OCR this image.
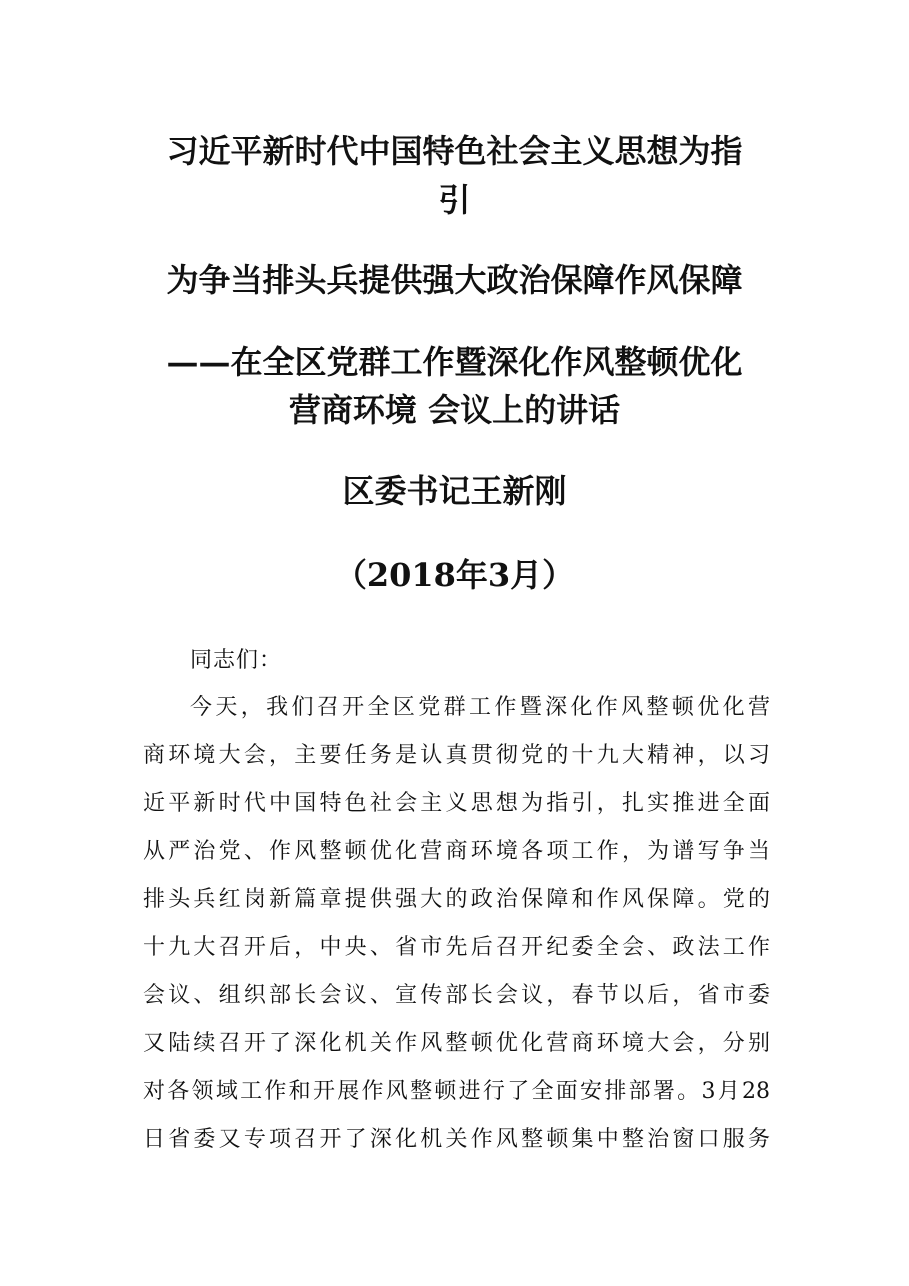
习近平新时代中国特色社会主义思想为指
引
为争当排头兵提供强大政治保障作风保障
——在全区党群工作暨深化作风整顿优化
营商环境 会议上的讲话
区委书记王新刚
（2018年3月）
同志们：
今天，我们召开全区党群工作暨深化作风整顿优化营
商环境大会，主要任务是认真贯彻党的十九大精神，以习
近平新时代中国特色社会主义思想为指引，扎实推进全面
从严治党、作风整顿优化营商环境各项工作，为谱写争当
排头兵红岗新篇章提供强大的政治保障和作风保障。党的
十九大召开后，中央、省市先后召开纪委全会、政法工作
会议、组织部长会议、宣传部长会议，春节以后，省市委
又陆续召开了深化机关作风整顿优化营商环境大会，分别
对各领域工作和开展作风整顿进行了全面安排部署。3月28
日省委又专项召开了深化机关作风整顿集中整治窗口服务
